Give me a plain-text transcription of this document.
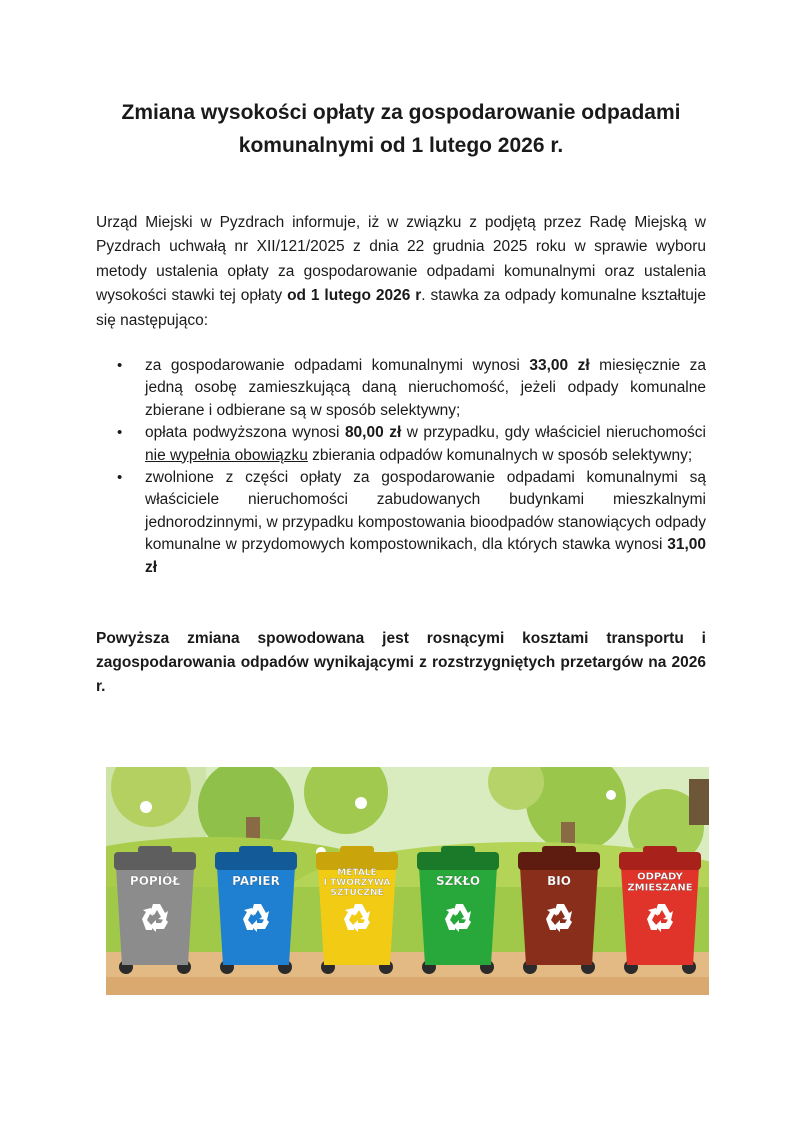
Zmiana wysokości opłaty za gospodarowanie odpadami
komunalnymi od 1 lutego 2026 r.

Urząd Miejski w Pyzdrach informuje, iż w związku z podjętą przez Radę Miejską w Pyzdrach uchwałą nr XII/121/2025 z dnia 22 grudnia 2025 roku w sprawie wyboru metody ustalenia opłaty za gospodarowanie odpadami komunalnymi oraz ustalenia wysokości stawki tej opłaty od 1 lutego 2026 r. stawka za odpady komunalne kształtuje się następująco:

• za gospodarowanie odpadami komunalnymi wynosi 33,00 zł miesięcznie za jedną osobę zamieszkującą daną nieruchomość, jeżeli odpady komunalne zbierane i odbierane są w sposób selektywny;
• opłata podwyższona wynosi 80,00 zł w przypadku, gdy właściciel nieruchomości nie wypełnia obowiązku zbierania odpadów komunalnych w sposób selektywny;
• zwolnione z części opłaty za gospodarowanie odpadami komunalnymi są właściciele nieruchomości zabudowanych budynkami mieszkalnymi jednorodzinnymi, w przypadku kompostowania bioodpadów stanowiących odpady komunalne w przydomowych kompostownikach, dla których stawka wynosi 31,00 zł

Powyższa zmiana spowodowana jest rosnącymi kosztami transportu i zagospodarowania odpadów wynikającymi z rozstrzygniętych przetargów na 2026 r.

POPIÓŁ	PAPIER
METALE
I TWORZYWA
SZTUCZNE
SZKŁO	BIO	ODPADY
ZMIESZANE
